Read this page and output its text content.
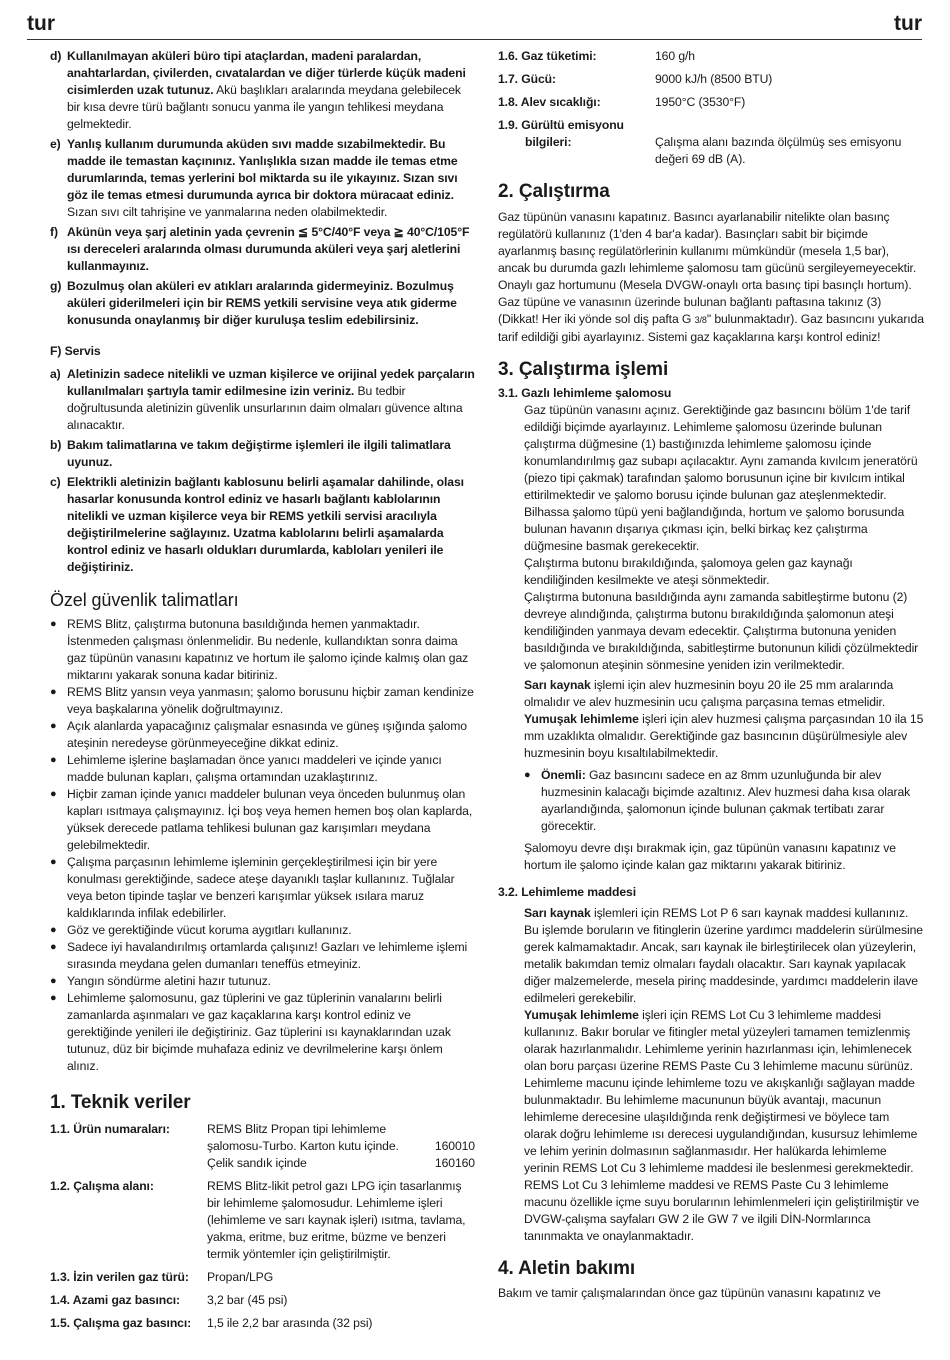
tur	tur
d) Kullanılmayan aküleri büro tipi ataçlardan, madeni paralardan, anahtarlardan, çivilerden, cıvatalardan ve diğer türlerde küçük madeni cisimlerden uzak tutunuz. Akü başlıkları aralarında meydana gelebilecek bir kısa devre türü bağlantı sonucu yanma ile yangın tehlikesi meydana gelmektedir.
e) Yanlış kullanım durumunda aküden sıvı madde sızabilmektedir. Bu madde ile temastan kaçınınız. Yanlışlıkla sızan madde ile temas etme durumlarında, temas yerlerini bol miktarda su ile yıkayınız. Sızan sıvı göz ile temas etmesi durumunda ayrıca bir doktora müracaat ediniz. Sızan sıvı cilt tahrişine ve yanmalarına neden olabilmektedir.
f) Akünün veya şarj aletinin yada çevrenin ≦ 5°C/40°F veya ≧ 40°C/105°F ısı dereceleri aralarında olması durumunda aküleri veya şarj aletlerini kullanmayınız.
g) Bozulmuş olan aküleri ev atıkları aralarında gidermeyiniz. Bozulmuş aküleri giderilmeleri için bir REMS yetkili servisine veya atık giderme konusunda onaylanmış bir diğer kuruluşa teslim edebilirsiniz.

F) Servis

a) Aletinizin sadece nitelikli ve uzman kişilercе ve orijinal yedek parçaların kullanılmaları şartıyla tamir edilmesine izin veriniz. Bu tedbir doğrultusunda aletinizin güvenlik unsurlarının daim olmaları güvence altına alınacaktır.
b) Bakım talimatlarına ve takım değiştirme işlemleri ile ilgili talimatlara uyunuz.
c) Elektrikli aletinizin bağlantı kablosunu belirli aşamalar dahilinde, olası hasarlar konusunda kontrol ediniz ve hasarlı bağlantı kablolarının nitelikli ve uzman kişilerce veya bir REMS yetkili servisi aracılıyla değiştirilmelerine sağlayınız. Uzatma kablolarını belirli aşamalarda kontrol ediniz ve hasarlı oldukları durumlarda, kabloları yenileri ile değiştiriniz.

Özel güvenlik talimatları

● REMS Blitz, çalıştırma butonuna basıldığında hemen yanmaktadır. İstenmeden çalışması önlenmelidir. Bu nedenle, kullandıktan sonra daima gaz tüpünün vanasını kapatınız ve hortum ile şalomo içinde kalmış olan gaz miktarını yakarak sonuna kadar bitiriniz.
● REMS Blitz yansın veya yanmasın; şalomo borusunu hiçbir zaman kendinize veya başkalarına yönelik doğrultmayınız.
● Açık alanlarda yapacağınız çalışmalar esnasında ve güneş ışığında şalomo ateşinin neredeyse görünmeyeceğine dikkat ediniz.
● Lehimleme işlerine başlamadan önce yanıcı maddeleri ve içinde yanıcı madde bulunan kapları, çalışma ortamından uzaklaştırınız.
● Hiçbir zaman içinde yanıcı maddeler bulunan veya önceden bulunmuş olan kapları ısıtmaya çalışmayınız. İçi boş veya hemen hemen boş olan kaplarda, yüksek derecede patlama tehlikesi bulunan gaz karışımları meydana gelebilmektedir.
● Çalışma parçasının lehimleme işleminin gerçekleştirilmesi için bir yere konulması gerektiğinde, sadece ateşe dayanıklı taşlar kullanınız. Tuğlalar veya beton tipinde taşlar ve benzeri karışımlar yüksek ısılara maruz kaldıklarında infilak edebilirler.
● Göz ve gerektiğinde vücut koruma aygıtları kullanınız.
● Sadece iyi havalandırılmış ortamlarda çalışınız! Gazları ve lehimleme işlemi sırasında meydana gelen dumanları teneffüs etmeyiniz.
● Yangın söndürme aletini hazır tutunuz.
● Lehimleme şalomosunu, gaz tüplerini ve gaz tüplerinin vanalarını belirli zamanlarda aşınmaları ve gaz kaçaklarına karşı kontrol ediniz ve gerektiğinde yenileri ile değiştiriniz. Gaz tüplerini ısı kaynaklarından uzak tutunuz, düz bir biçimde muhafaza ediniz ve devrilmelerine karşı önlem alınız.

1. Teknik veriler

1.1. Ürün numaraları:	REMS Blitz Propan tipi lehimleme
şalomosu-Turbo. Karton kutu içinde.	160010

Çelik sandık içinde	160160
1.2. Çalışma alanı:	REMS Blitz-likit petrol gazı LPG için tasarlanmış bir lehimleme şalomosudur. Lehimleme işleri (lehimleme ve sarı kaynak işleri) ısıtma, tavlama, yakma, eritme, buz eritme, büzme ve benzeri termik yöntemler için geliştirilmiştir.
1.3. İzin verilen gaz türü:	Propan/LPG
1.4. Azami gaz basıncı:	3,2 bar (45 psi)
1.5. Çalışma gaz basıncı:	1,5 ile 2,2 bar arasında (32 psi)
1.6. Gaz tüketimi:	160 g/h
1.7. Gücü:	9000 kJ/h (8500 BTU)
1.8. Alev sıcaklığı:	1950°C (3530°F)

1.9. Gürültü emisyonu

bilgileri:	Çalışma alanı bazında ölçülmüş ses emisyonu değeri 69 dB (A).

2. Çalıştırma

Gaz tüpünün vanasını kapatınız. Basıncı ayarlanabilir nitelikte olan basınç regülatörü kullanınız (1'den 4 bar'a kadar). Basınçları sabit bir biçimde ayarlanmış basınç regülatörlerinin kullanımı mümkündür (mesela 1,5 bar), ancak bu durumda gazlı lehimleme şalomosu tam gücünü sergileyemeyecektir. Onaylı gaz hortumunu (Mesela DVGW-onaylı orta basınç tipi basınçlı hortum). Gaz tüpüne ve vanasının üzerinde bulunan bağlantı paftasına takınız (3) (Dikkat! Her iki yönde sol diş pafta G 3/8" bulunmaktadır). Gaz basıncını yukarıda tarif edildiği gibi ayarlayınız. Sistemi gaz kaçaklarına karşı kontrol ediniz!

3. Çalıştırma işlemi

3.1. Gazlı lehimleme şalomosu

Gaz tüpünün vanasını açınız. Gerektiğinde gaz basıncını bölüm 1'de tarif edildiği biçimde ayarlayınız. Lehimleme şalomosu üzerinde bulunan çalıştırma düğmesine (1) bastığınızda lehimleme şalomosu içinde konumlandırılmış gaz subapı açılacaktır. Aynı zamanda kıvılcım jeneratörü (piezo tipi çakmak) tarafından şalomo borusunun içine bir kıvılcım intikal ettirilmektedir ve şalomo borusu içinde bulunan gaz ateşlenmektedir. Bilhassa şalomo tüpü yeni bağlandığında, hortum ve şalomo borusunda bulunan havanın dışarıya çıkması için, belki birkaç kez çalıştırma düğmesine basmak gerekecektir.

Çalıştırma butonu bırakıldığında, şalomoya gelen gaz kaynağı kendiliğinden kesilmekte ve ateşi sönmektedir.

Çalıştırma butonuna basıldığında aynı zamanda sabitleştirme butonu (2) devreye alındığında, çalıştırma butonu bırakıldığında şalomonun ateşi kendiliğinden yanmaya devam edecektir. Çalıştırma butonuna yeniden basıldığında ve bırakıldığında, sabitleştirme butonunun kilidi çözülmektedir ve şalomonun ateşinin sönmesine yeniden izin verilmektedir.

Sarı kaynak işlemi için alev huzmesinin boyu 20 ile 25 mm aralarında olmalıdır ve alev huzmesinin ucu çalışma parçasına temas etmelidir. Yumuşak lehimleme işleri için alev huzmesi çalışma parçasından 10 ila 15 mm uzaklıkta olmalıdır. Gerektiğinde gaz basıncının düşürülmesiyle alev huzmesinin boyu kısaltılabilmektedir.

● Önemli: Gaz basıncını sadece en az 8mm uzunluğunda bir alev huzmesinin kalacağı biçimde azaltınız. Alev huzmesi daha kısa olarak ayarlandığında, şalomonun içinde bulunan çakmak tertibatı zarar görecektir.

Şalomoyu devre dışı bırakmak için, gaz tüpünün vanasını kapatınız ve hortum ile şalomo içinde kalan gaz miktarını yakarak bitiriniz.

3.2. Lehimleme maddesi

Sarı kaynak işlemleri için REMS Lot P 6 sarı kaynak maddesi kullanınız. Bu işlemde boruların ve fitinglerin üzerine yardımcı maddelerin sürülmesine gerek kalmamaktadır. Ancak, sarı kaynak ile birleştirilecek olan yüzeylerin, metalik bakımdan temiz olmaları faydalı olacaktır. Sarı kaynak yapılacak diğer malzemelerde, mesela pirinç maddesinde, yardımcı maddelerin ilave edilmeleri gerekebilir.

Yumuşak lehimleme işleri için REMS Lot Cu 3 lehimleme maddesi kullanınız. Bakır borular ve fitingler metal yüzeyleri tamamen temizlenmiş olarak hazırlanmalıdır. Lehimleme yerinin hazırlanması için, lehimlenecek olan boru parçası üzerine REMS Paste Cu 3 lehimleme macunu sürünüz. Lehimleme macunu içinde lehimleme tozu ve akışkanlığı sağlayan madde bulunmaktadır. Bu lehimleme macununun büyük avantajı, macunun lehimleme derecesine ulaşıldığında renk değiştirmesi ve böylece tam olarak doğru lehimleme ısı derecesi uygulandığından, kusursuz lehimleme ve lehim yerinin dolmasının sağlanmasıdır. Her halükarda lehimleme yerinin REMS Lot Cu 3 lehimleme maddesi ile beslenmesi gerekmektedir. REMS Lot Cu 3 lehimleme maddesi ve REMS Paste Cu 3 lehimleme macunu özellikle içme suyu borularının lehimlenmeleri için geliştirilmiştir ve DVGW-çalışma sayfaları GW 2 ile GW 7 ve ilgili DİN-Normlarınca tanınmakta ve onaylanmaktadır.

4. Aletin bakımı

Bakım ve tamir çalışmalarından önce gaz tüpünün vanasını kapatınız ve
